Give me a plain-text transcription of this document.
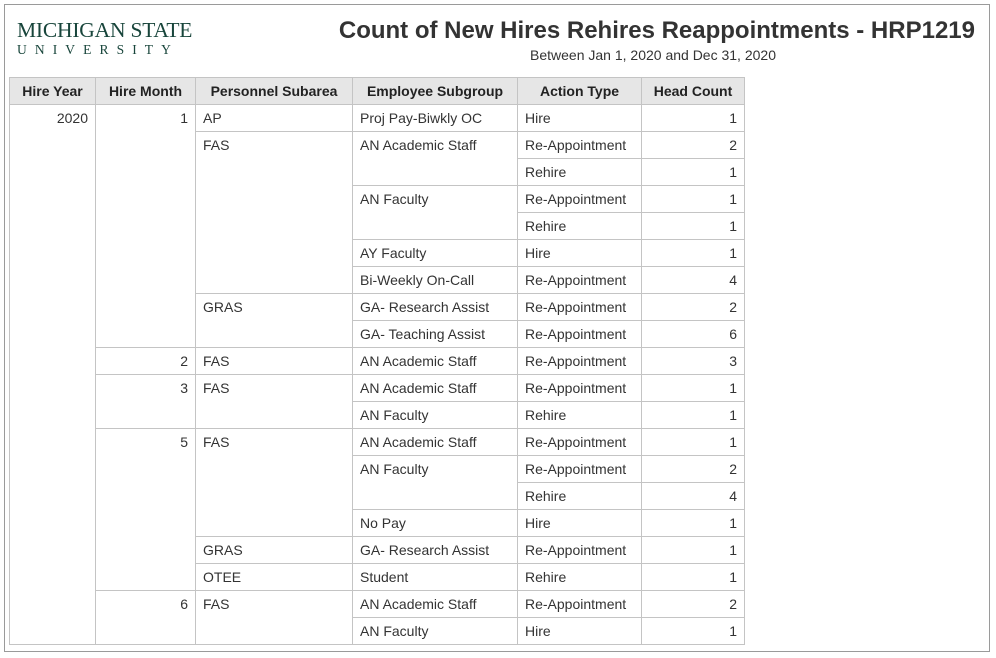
MICHIGAN STATE
UNIVERSITY
Count of New Hires Rehires Reappointments - HRP1219
Between Jan 1, 2020 and Dec 31, 2020
Hire Year	Hire Month	Personnel Subarea	Employee Subgroup	Action Type	Head Count
2020	1	AP	Proj Pay-Biwkly OC	Hire	1
		FAS	AN Academic Staff	Re-Appointment	2
				Rehire	1
			AN Faculty	Re-Appointment	1
				Rehire	1
			AY Faculty	Hire	1
			Bi-Weekly On-Call	Re-Appointment	4
		GRAS	GA- Research Assist	Re-Appointment	2
			GA- Teaching Assist	Re-Appointment	6
	2	FAS	AN Academic Staff	Re-Appointment	3
	3	FAS	AN Academic Staff	Re-Appointment	1
			AN Faculty	Rehire	1
	5	FAS	AN Academic Staff	Re-Appointment	1
			AN Faculty	Re-Appointment	2
				Rehire	4
			No Pay	Hire	1
		GRAS	GA- Research Assist	Re-Appointment	1
		OTEE	Student	Rehire	1
	6	FAS	AN Academic Staff	Re-Appointment	2
			AN Faculty	Hire	1
